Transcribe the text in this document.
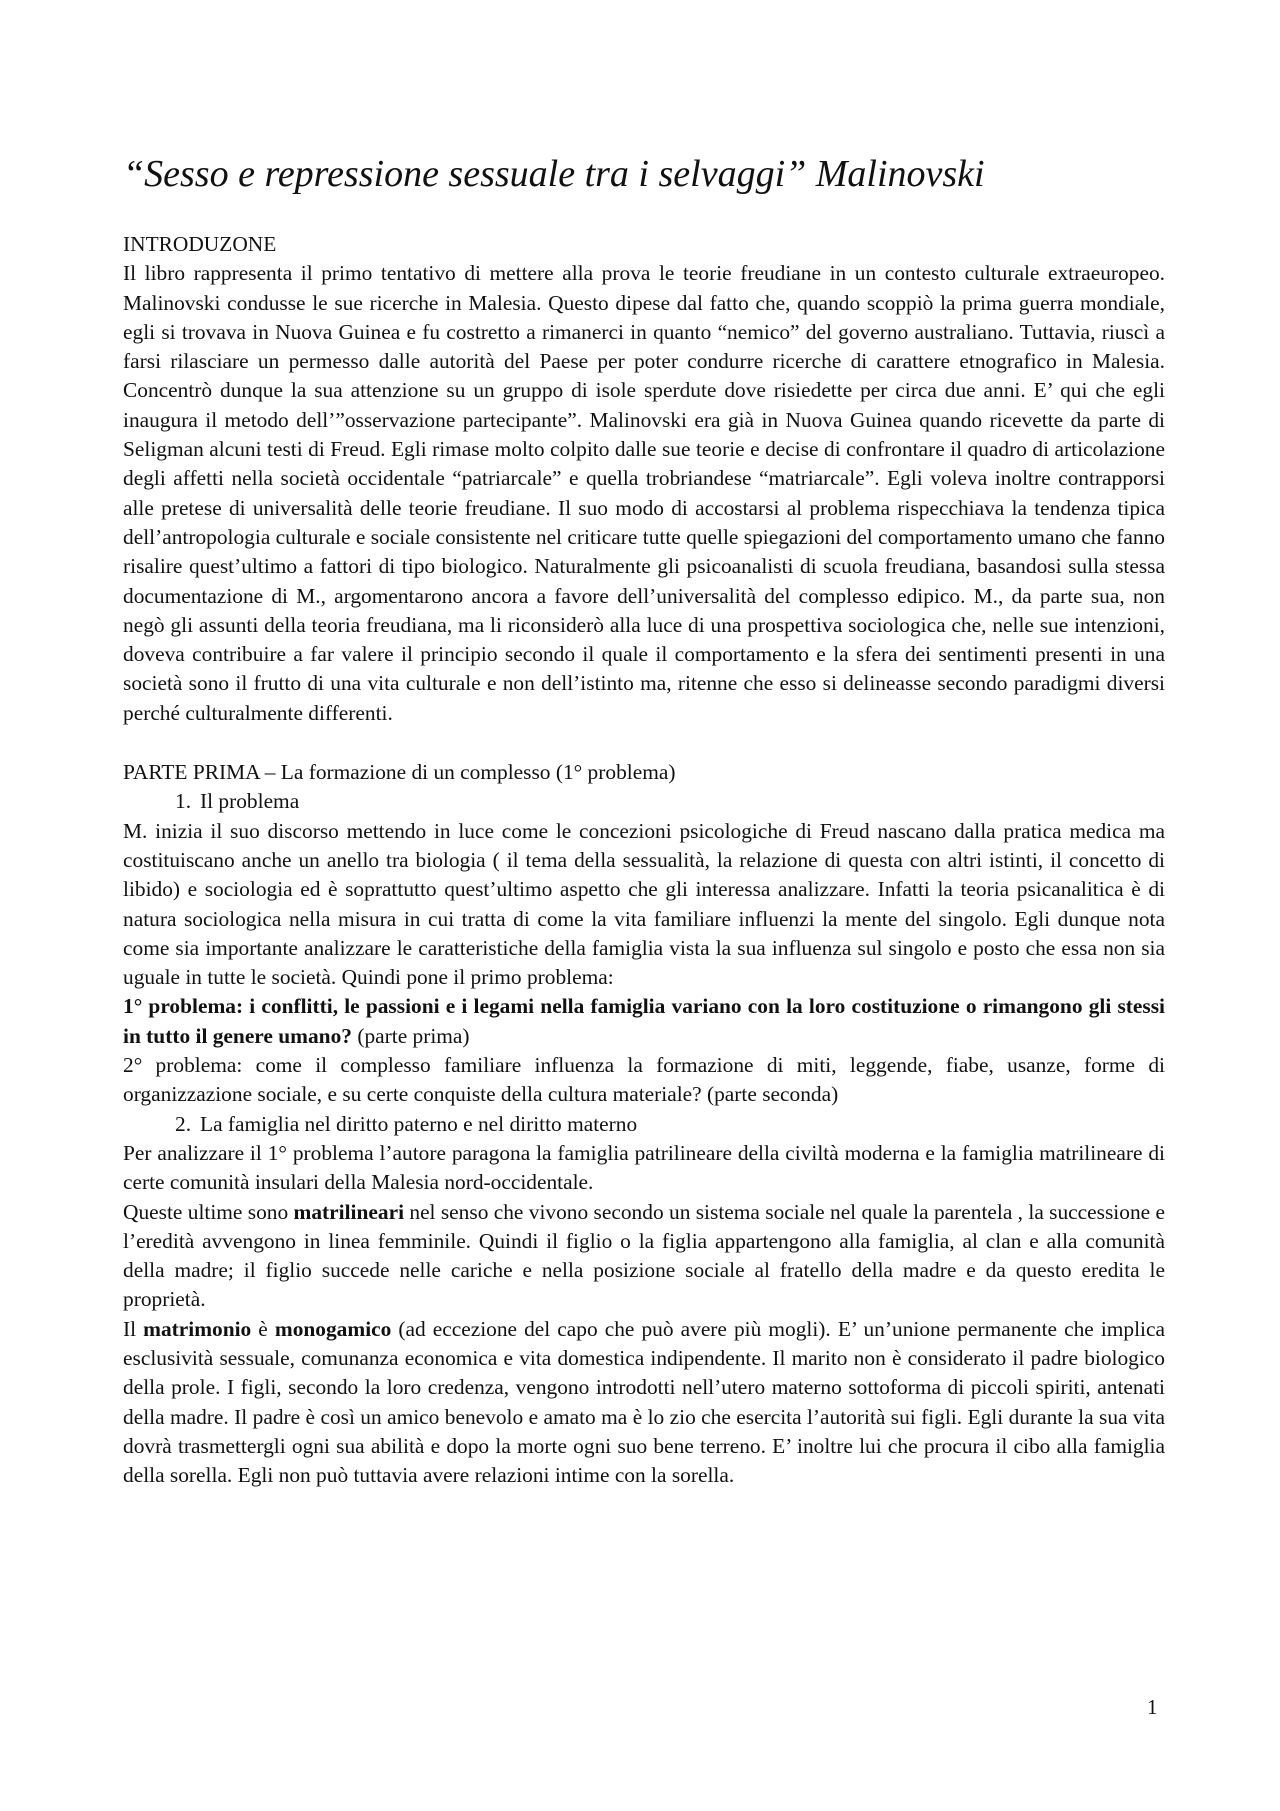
“Sesso e repressione sessuale tra i selvaggi” Malinovski

INTRODUZONE

Il libro rappresenta il primo tentativo di mettere alla prova le teorie freudiane in un contesto culturale extraeuropeo. Malinovski condusse le sue ricerche in Malesia. Questo dipese dal fatto che, quando scoppiò la prima guerra mondiale, egli si trovava in Nuova Guinea e fu costretto a rimanerci in quanto “nemico” del governo australiano. Tuttavia, riuscì a farsi rilasciare un permesso dalle autorità del Paese per poter condurre ricerche di carattere etnografico in Malesia. Concentrò dunque la sua attenzione su un gruppo di isole sperdute dove risiedette per circa due anni. E’ qui che egli inaugura il metodo dell’”osservazione partecipante”. Malinovski era già in Nuova Guinea quando ricevette da parte di Seligman alcuni testi di Freud. Egli rimase molto colpito dalle sue teorie e decise di confrontare il quadro di articolazione degli affetti nella società occidentale “patriarcale” e quella trobriandese “matriarcale”. Egli voleva inoltre contrapporsi alle pretese di universalità delle teorie freudiane. Il suo modo di accostarsi al problema rispecchiava la tendenza tipica dell’antropologia culturale e sociale consistente nel criticare tutte quelle spiegazioni del comportamento umano che fanno risalire quest’ultimo a fattori di tipo biologico. Naturalmente gli psicoanalisti di scuola freudiana, basandosi sulla stessa documentazione di M., argomentarono ancora a favore dell’universalità del complesso edipico. M., da parte sua, non negò gli assunti della teoria freudiana, ma li riconsiderò alla luce di una prospettiva sociologica che, nelle sue intenzioni, doveva contribuire a far valere il principio secondo il quale il comportamento e la sfera dei sentimenti presenti in una società sono il frutto di una vita culturale e non dell’istinto ma, ritenne che esso si delineasse secondo paradigmi diversi perché culturalmente differenti.

PARTE PRIMA – La formazione di un complesso (1° problema)

1. Il problema

M. inizia il suo discorso mettendo in luce come le concezioni psicologiche di Freud nascano dalla pratica medica ma costituiscano anche un anello tra biologia ( il tema della sessualità, la relazione di questa con altri istinti, il concetto di libido) e sociologia ed è soprattutto quest’ultimo aspetto che gli interessa analizzare. Infatti la teoria psicanalitica è di natura sociologica nella misura in cui tratta di come la vita familiare influenzi la mente del singolo. Egli dunque nota come sia importante analizzare le caratteristiche della famiglia vista la sua influenza sul singolo e posto che essa non sia uguale in tutte le società. Quindi pone il primo problema:

1° problema: i conflitti, le passioni e i legami nella famiglia variano con la loro costituzione o rimangono gli stessi in tutto il genere umano? (parte prima)

2° problema: come il complesso familiare influenza la formazione di miti, leggende, fiabe, usanze, forme di organizzazione sociale, e su certe conquiste della cultura materiale? (parte seconda)

2. La famiglia nel diritto paterno e nel diritto materno

Per analizzare il 1° problema l’autore paragona la famiglia patrilineare della civiltà moderna e la famiglia matrilineare di certe comunità insulari della Malesia nord-occidentale.

Queste ultime sono matrilineari nel senso che vivono secondo un sistema sociale nel quale la parentela , la successione e l’eredità avvengono in linea femminile. Quindi il figlio o la figlia appartengono alla famiglia, al clan e alla comunità della madre; il figlio succede nelle cariche e nella posizione sociale al fratello della madre e da questo eredita le proprietà.

Il matrimonio è monogamico (ad eccezione del capo che può avere più mogli). E’ un’unione permanente che implica esclusività sessuale, comunanza economica e vita domestica indipendente. Il marito non è considerato il padre biologico della prole. I figli, secondo la loro credenza, vengono introdotti nell’utero materno sottoforma di piccoli spiriti, antenati della madre. Il padre è così un amico benevolo e amato ma è lo zio che esercita l’autorità sui figli. Egli durante la sua vita dovrà trasmettergli ogni sua abilità e dopo la morte ogni suo bene terreno. E’ inoltre lui che procura il cibo alla famiglia della sorella. Egli non può tuttavia avere relazioni intime con la sorella.

1
